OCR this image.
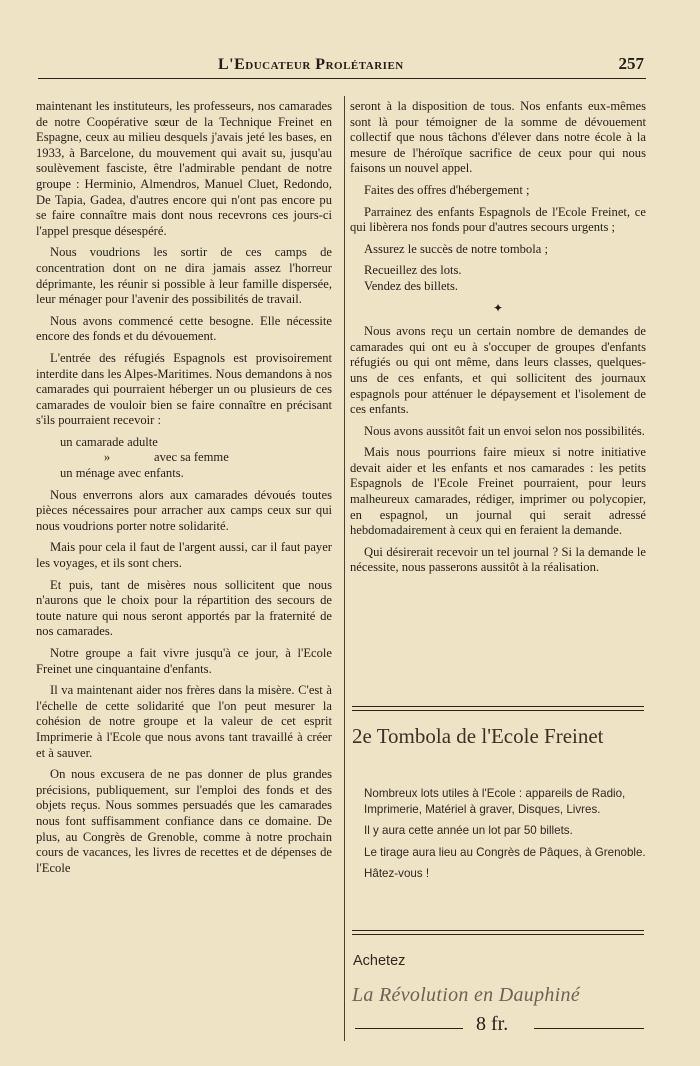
L'Educateur Prolétarien	257

maintenant les instituteurs, les professeurs, nos camarades de notre Coopérative sœur de la Technique Freinet en Espagne, ceux au milieu desquels j'avais jeté les bases, en 1933, à Barcelone, du mouvement qui avait su, jusqu'au soulèvement fasciste, être l'admirable pendant de notre groupe : Herminio, Almendros, Manuel Cluet, Redondo, De Tapia, Gadea, d'autres encore qui n'ont pas encore pu se faire connaître mais dont nous recevrons ces jours-ci l'appel presque désespéré.

Nous voudrions les sortir de ces camps de concentration dont on ne dira jamais assez l'horreur déprimante, les réunir si possible à leur famille dispersée, leur ménager pour l'avenir des possibilités de travail.

Nous avons commencé cette besogne. Elle nécessite encore des fonds et du dévouement.

L'entrée des réfugiés Espagnols est provisoirement interdite dans les Alpes-Maritimes. Nous demandons à nos camarades qui pourraient héberger un ou plusieurs de ces camarades de vouloir bien se faire connaître en précisant s'ils pourraient recevoir :

un camarade adulte
»	avec sa femme
un ménage avec enfants.

Nous enverrons alors aux camarades dévoués toutes pièces nécessaires pour arracher aux camps ceux sur qui nous voudrions porter notre solidarité.

Mais pour cela il faut de l'argent aussi, car il faut payer les voyages, et ils sont chers.

Et puis, tant de misères nous sollicitent que nous n'aurons que le choix pour la répartition des secours de toute nature qui nous seront apportés par la fraternité de nos camarades.

Notre groupe a fait vivre jusqu'à ce jour, à l'Ecole Freinet une cinquantaine d'enfants.

Il va maintenant aider nos frères dans la misère. C'est à l'échelle de cette solidarité que l'on peut mesurer la cohésion de notre groupe et la valeur de cet esprit Imprimerie à l'Ecole que nous avons tant travaillé à créer et à sauver.

On nous excusera de ne pas donner de plus grandes précisions, publiquement, sur l'emploi des fonds et des objets reçus. Nous sommes persuadés que les camarades nous font suffisamment confiance dans ce domaine. De plus, au Congrès de Grenoble, comme à notre prochain cours de vacances, les livres de recettes et de dépenses de l'Ecole

seront à la disposition de tous. Nos enfants eux-mêmes sont là pour témoigner de la somme de dévouement collectif que nous tâchons d'élever dans notre école à la mesure de l'héroïque sacrifice de ceux pour qui nous faisons un nouvel appel.

Faites des offres d'hébergement ;

Parrainez des enfants Espagnols de l'Ecole Freinet, ce qui libèrera nos fonds pour d'autres secours urgents ;

Assurez le succès de notre tombola ;

Recueillez des lots.

Vendez des billets.

✦

Nous avons reçu un certain nombre de demandes de camarades qui ont eu à s'occuper de groupes d'enfants réfugiés ou qui ont même, dans leurs classes, quelques-uns de ces enfants, et qui sollicitent des journaux espagnols pour atténuer le dépaysement et l'isolement de ces enfants.

Nous avons aussitôt fait un envoi selon nos possibilités.

Mais nous pourrions faire mieux si notre initiative devait aider et les enfants et nos camarades : les petits Espagnols de l'Ecole Freinet pourraient, pour leurs malheureux camarades, rédiger, imprimer ou polycopier, en espagnol, un journal qui serait adressé hebdomadairement à ceux qui en feraient la demande.

Qui désirerait recevoir un tel journal ? Si la demande le nécessite, nous passerons aussitôt à la réalisation.

2e Tombola de l'Ecole Freinet

Nombreux lots utiles à l'Ecole : appareils de Radio, Imprimerie, Matériel à graver, Disques, Livres.

Il y aura cette année un lot par 50 billets.

Le tirage aura lieu au Congrès de Pâques, à Grenoble.

Hâtez-vous !

Achetez
La Révolution en Dauphiné
8 fr.
